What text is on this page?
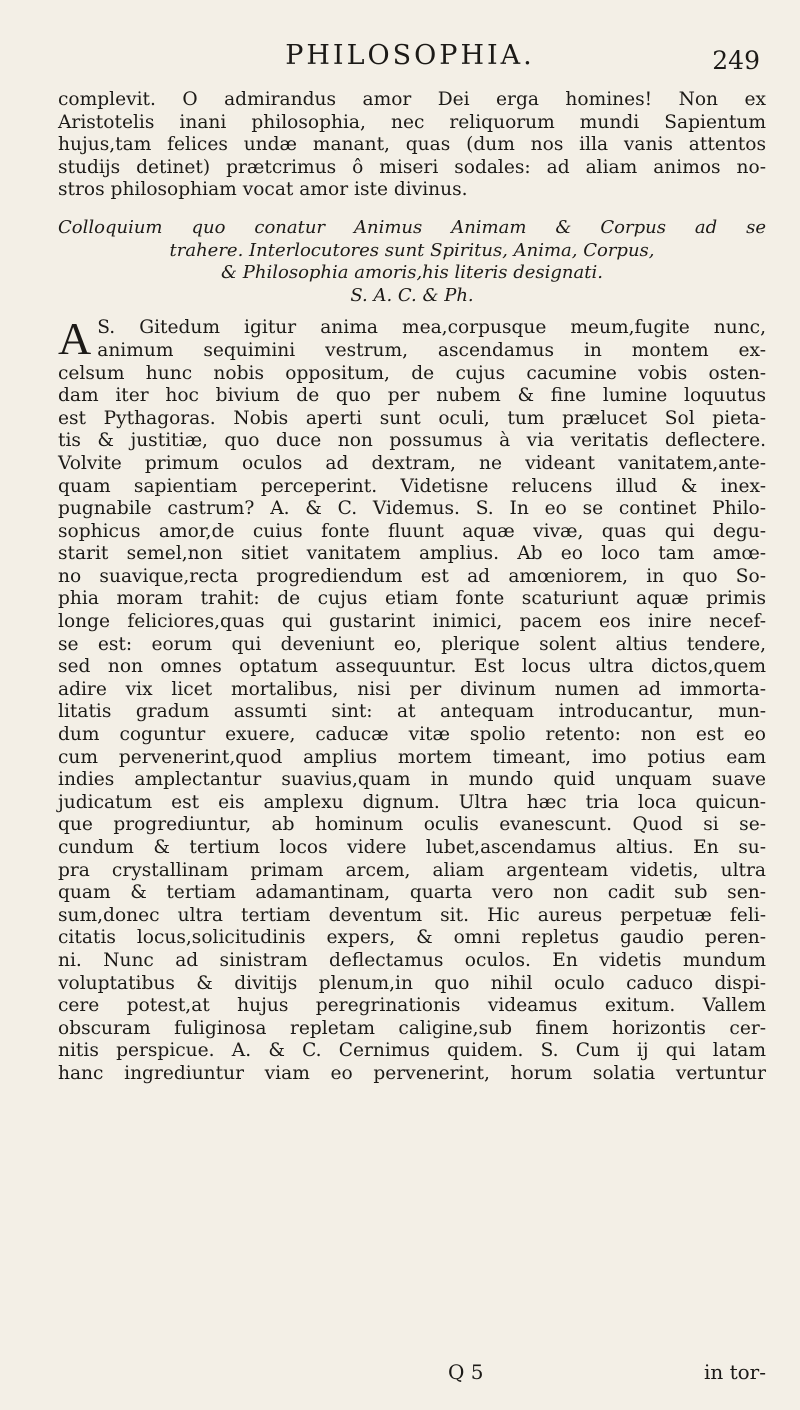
PHILOSOPHIA.	249
complevit. O admirandus amor Dei erga homines! Non ex
Aristotelis inani philosophia, nec reliquorum mundi Sapientum
hujus,tam felices undæ manant, quas (dum nos illa vanis attentos
studijs detinet) prætcrimus ô miseri sodales: ad aliam animos no-
stros philosophiam vocat amor iste divinus.
Colloquium quo conatur Animus Animam & Corpus ad se
trahere. Interlocutores sunt Spiritus, Anima, Corpus,
& Philosophia amoris,his literis designati.
S. A. C. & Ph.
A S. Gitedum igitur anima mea,corpusque meum,fugite nunc,
animum sequimini vestrum, ascendamus in montem ex-
celsum hunc nobis oppositum, de cujus cacumine vobis osten-
dam iter hoc bivium de quo per nubem & fine lumine loquutus
est Pythagoras. Nobis aperti sunt oculi, tum prælucet Sol pieta-
tis & justitiæ, quo duce non possumus à via veritatis deflectere.
Volvite primum oculos ad dextram, ne videant vanitatem,ante-
quam sapientiam perceperint. Videtisne relucens illud & inex-
pugnabile castrum? A. & C. Videmus. S. In eo se continet Philo-
sophicus amor,de cuius fonte fluunt aquæ vivæ, quas qui degu-
starit semel,non sitiet vanitatem amplius. Ab eo loco tam amœ-
no suavique,recta progrediendum est ad amœniorem, in quo So-
phia moram trahit: de cujus etiam fonte scaturiunt aquæ primis
longe feliciores,quas qui gustarint inimici, pacem eos inire necef-
se est: eorum qui deveniunt eo, plerique solent altius tendere,
sed non omnes optatum assequuntur. Est locus ultra dictos,quem
adire vix licet mortalibus, nisi per divinum numen ad immorta-
litatis gradum assumti sint: at antequam introducantur, mun-
dum coguntur exuere, caducæ vitæ spolio retento: non est eo
cum pervenerint,quod amplius mortem timeant, imo potius eam
indies amplectantur suavius,quam in mundo quid unquam suave
judicatum est eis amplexu dignum. Ultra hæc tria loca quicun-
que progrediuntur, ab hominum oculis evanescunt. Quod si se-
cundum & tertium locos videre lubet,ascendamus altius. En su-
pra crystallinam primam arcem, aliam argenteam videtis, ultra
quam & tertiam adamantinam, quarta vero non cadit sub sen-
sum,donec ultra tertiam deventum sit. Hic aureus perpetuæ feli-
citatis locus,solicitudinis expers, & omni repletus gaudio peren-
ni. Nunc ad sinistram deflectamus oculos. En videtis mundum
voluptatibus & divitijs plenum,in quo nihil oculo caduco dispi-
cere potest,at hujus peregrinationis videamus exitum. Vallem
obscuram fuliginosa repletam caligine,sub finem horizontis cer-
nitis perspicue. A. & C. Cernimus quidem. S. Cum ij qui latam
hanc ingrediuntur viam eo pervenerint, horum solatia vertuntur
Q 5	in tor-
